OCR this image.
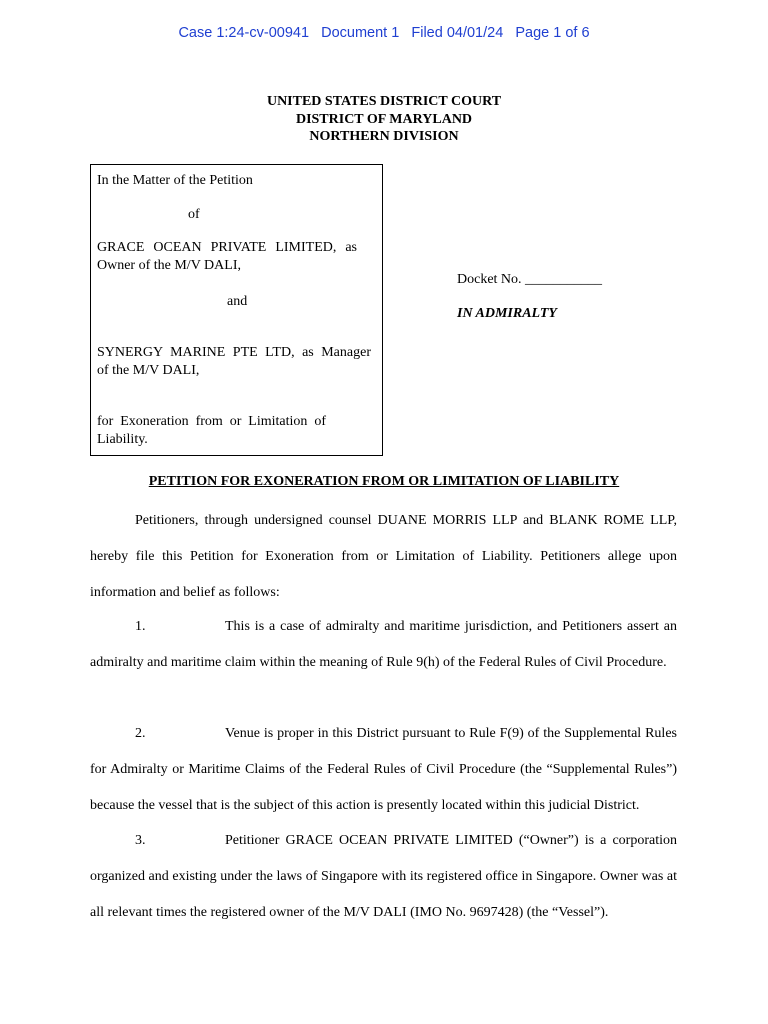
Case 1:24-cv-00941   Document 1   Filed 04/01/24   Page 1 of 6
UNITED STATES DISTRICT COURT
DISTRICT OF MARYLAND
NORTHERN DIVISION

In the Matter of the Petition

of

GRACE OCEAN PRIVATE LIMITED, as

Owner of the M/V DALI,

and

SYNERGY MARINE PTE LTD, as Manager

of the M/V DALI,

for Exoneration from or Limitation of

Liability.

Docket No. ___________
IN ADMIRALTY
PETITION FOR EXONERATION FROM OR LIMITATION OF LIABILITY

Petitioners, through undersigned counsel DUANE MORRIS LLP and BLANK ROME LLP, hereby file this Petition for Exoneration from or Limitation of Liability. Petitioners allege upon information and belief as follows:

1.	This is a case of admiralty and maritime jurisdiction, and Petitioners assert an admiralty and maritime claim within the meaning of Rule 9(h) of the Federal Rules of Civil Procedure.

2.	Venue is proper in this District pursuant to Rule F(9) of the Supplemental Rules for Admiralty or Maritime Claims of the Federal Rules of Civil Procedure (the “Supplemental Rules”) because the vessel that is the subject of this action is presently located within this judicial District.

3.	Petitioner GRACE OCEAN PRIVATE LIMITED (“Owner”) is a corporation organized and existing under the laws of Singapore with its registered office in Singapore. Owner was at all relevant times the registered owner of the M/V DALI (IMO No. 9697428) (the “Vessel”).
